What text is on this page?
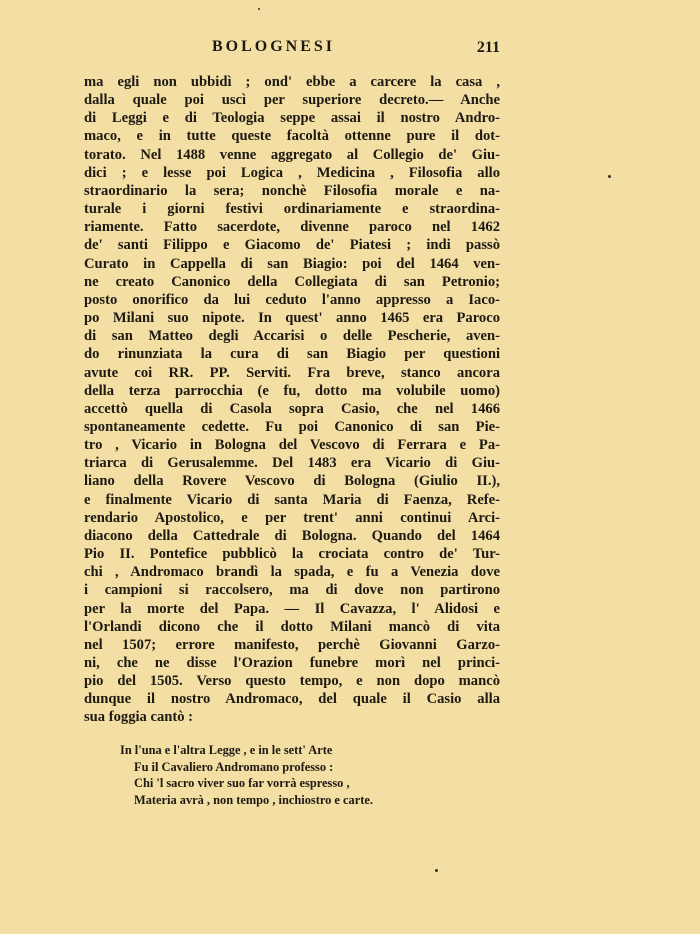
BOLOGNESI	211
ma egli non ubbidì ; ond' ebbe a carcere la casa ,
dalla quale poi uscì per superiore decreto.— Anche
di Leggi e di Teologia seppe assai il nostro Andro-
maco, e in tutte queste facoltà ottenne pure il dot-
torato. Nel 1488 venne aggregato al Collegio de' Giu-
dici ; e lesse poi Logica , Medicina , Filosofia allo
straordinario la sera; nonchè Filosofia morale e na-
turale i giorni festivi ordinariamente e straordina-
riamente. Fatto sacerdote, divenne paroco nel 1462
de' santi Filippo e Giacomo de' Piatesi ; indi passò
Curato in Cappella di san Biagio: poi del 1464 ven-
ne creato Canonico della Collegiata di san Petronio;
posto onorifico da lui ceduto l'anno appresso a Iaco-
po Milani suo nipote. In quest' anno 1465 era Paroco
di san Matteo degli Accarisi o delle Pescherie, aven-
do rinunziata la cura di san Biagio per questioni
avute coi RR. PP. Serviti. Fra breve, stanco ancora
della terza parrocchia (e fu, dotto ma volubile uomo)
accettò quella di Casola sopra Casio, che nel 1466
spontaneamente cedette. Fu poi Canonico di san Pie-
tro , Vicario in Bologna del Vescovo di Ferrara e Pa-
triarca di Gerusalemme. Del 1483 era Vicario di Giu-
liano della Rovere Vescovo di Bologna (Giulio II.),
e finalmente Vicario di santa Maria di Faenza, Refe-
rendario Apostolico, e per trent' anni continui Arci-
diacono della Cattedrale di Bologna. Quando del 1464
Pio II. Pontefice pubblicò la crociata contro de' Tur-
chi , Andromaco brandì la spada, e fu a Venezia dove
i campioni si raccolsero, ma di dove non partirono
per la morte del Papa. — Il Cavazza, l' Alidosi e
l'Orlandi dicono che il dotto Milani mancò di vita
nel 1507; errore manifesto, perchè Giovanni Garzo-
ni, che ne disse l'Orazion funebre morì nel princi-
pio del 1505. Verso questo tempo, e non dopo mancò
dunque il nostro Andromaco, del quale il Casio alla
sua foggia cantò :
In l'una e l'altra Legge , e in le sett' Arte
Fu il Cavaliero Andromano professo :
Chi 'l sacro viver suo far vorrà espresso ,
Materia avrà , non tempo , inchiostro e carte.
